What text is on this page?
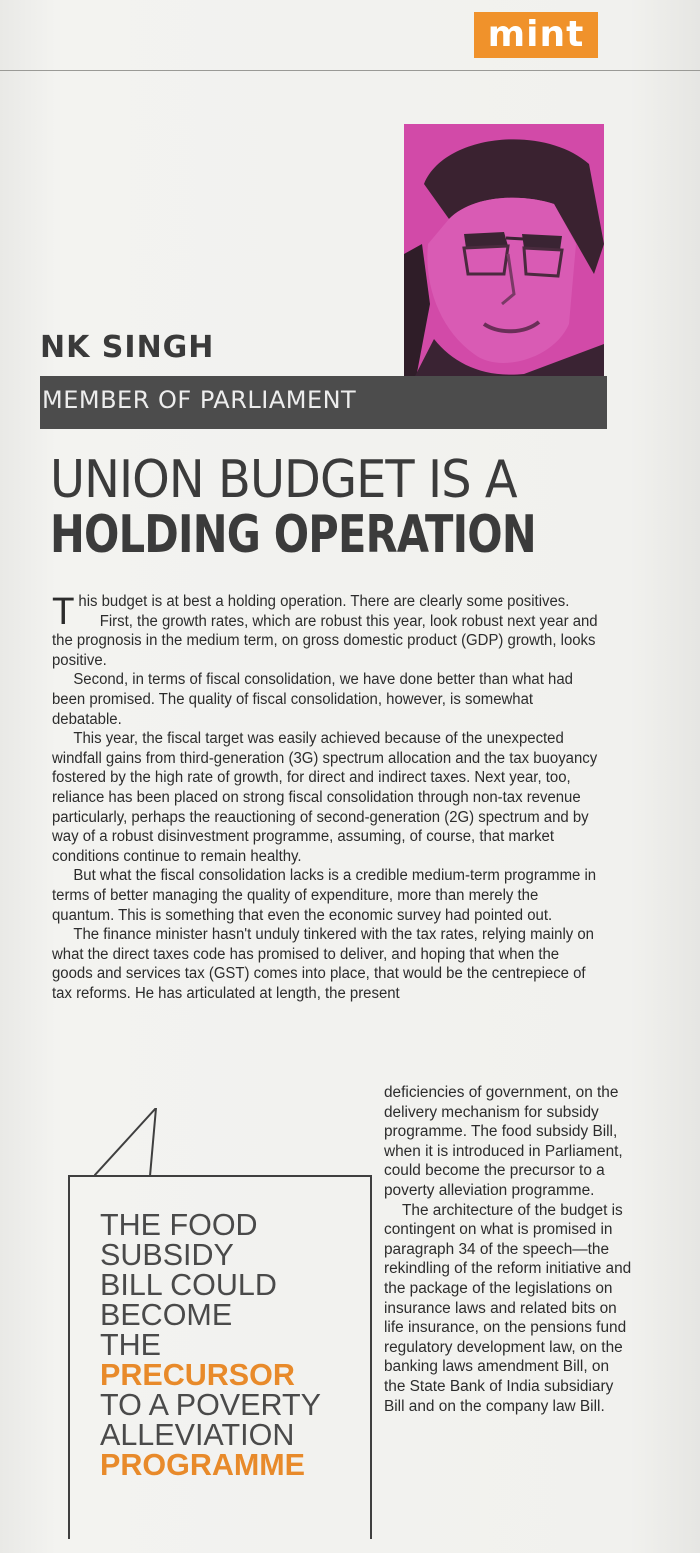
mint
NK SINGH
MEMBER OF PARLIAMENT
UNION BUDGET IS A
HOLDING OPERATION

This budget is at best a holding operation. There are clearly some positives.

First, the growth rates, which are robust this year, look robust next year and the prognosis in the medium term, on gross domestic product (GDP) growth, looks positive.

Second, in terms of fiscal consolidation, we have done better than what had been promised. The quality of fiscal consolidation, however, is somewhat debatable.

This year, the fiscal target was easily achieved because of the unexpected windfall gains from third-generation (3G) spectrum allocation and the tax buoyancy fostered by the high rate of growth, for direct and indirect taxes. Next year, too, reliance has been placed on strong fiscal consolidation through non-tax revenue particularly, perhaps the reauctioning of second-generation (2G) spectrum and by way of a robust disinvestment programme, assuming, of course, that market conditions continue to remain healthy.

But what the fiscal consolidation lacks is a credible medium-term programme in terms of better managing the quality of expenditure, more than merely the quantum. This is something that even the economic survey had pointed out.

The finance minister hasn't unduly tinkered with the tax rates, relying mainly on what the direct taxes code has promised to deliver, and hoping that when the goods and services tax (GST) comes into place, that would be the centrepiece of tax reforms. He has articulated at length, the present

THE FOOD
SUBSIDY
BILL COULD
BECOME
THE
PRECURSOR
TO A POVERTY
ALLEVIATION
PROGRAMME

deficiencies of government, on the delivery mechanism for subsidy programme. The food subsidy Bill, when it is introduced in Parliament, could become the precursor to a poverty alleviation programme.

The architecture of the budget is contingent on what is promised in paragraph 34 of the speech—the rekindling of the reform initiative and the package of the legislations on insurance laws and related bits on life insurance, on the pensions fund regulatory development law, on the banking laws amendment Bill, on the State Bank of India subsidiary Bill and on the company law Bill.
